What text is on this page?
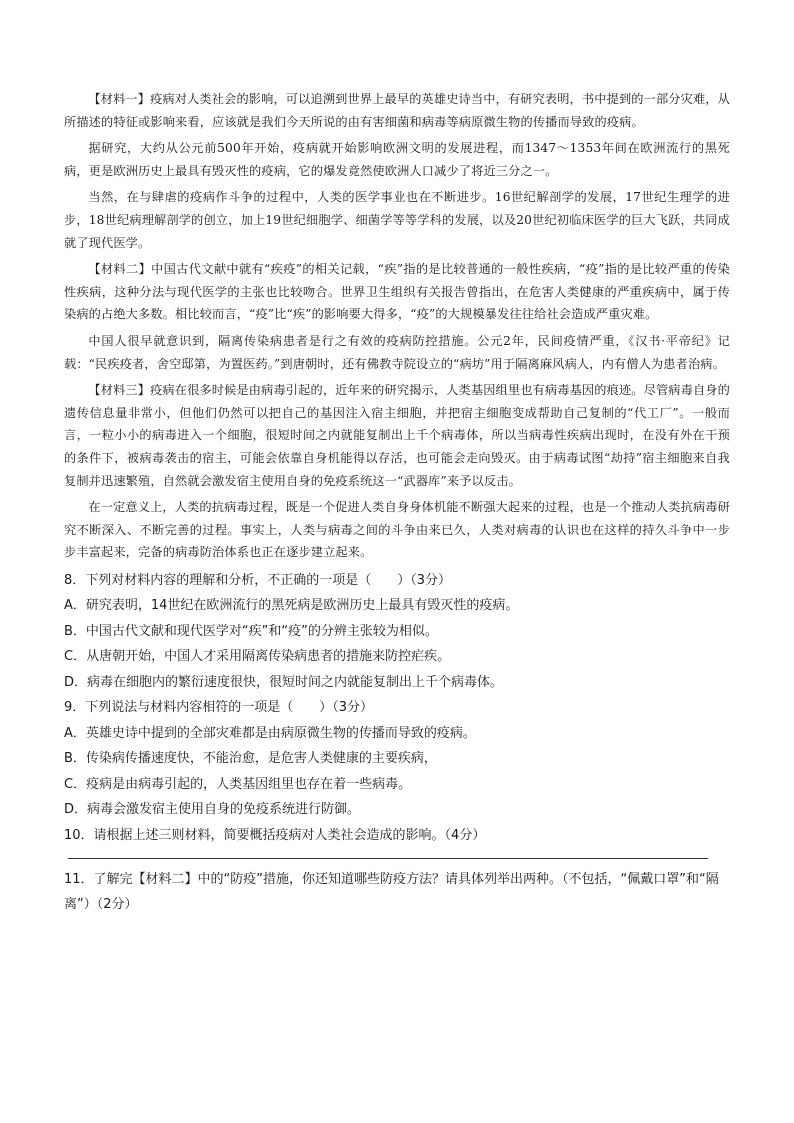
【材料一】疫病对人类社会的影响，可以追溯到世界上最早的英雄史诗当中，有研究表明，书中提到的一部分灾难，从所描述的特征或影响来看，应该就是我们今天所说的由有害细菌和病毒等病原微生物的传播而导致的疫病。

据研究，大约从公元前500年开始，疫病就开始影响欧洲文明的发展进程，而1347～1353年间在欧洲流行的黑死病，更是欧洲历史上最具有毁灭性的疫病，它的爆发竟然使欧洲人口减少了将近三分之一。

当然，在与肆虐的疫病作斗争的过程中，人类的医学事业也在不断进步。16世纪解剖学的发展，17世纪生理学的进步，18世纪病理解剖学的创立，加上19世纪细胞学、细菌学等等学科的发展，以及20世纪初临床医学的巨大飞跃，共同成就了现代医学。

【材料二】中国古代文献中就有“疾疫”的相关记载，“疾”指的是比较普通的一般性疾病，“疫”指的是比较严重的传染性疾病，这种分法与现代医学的主张也比较吻合。世界卫生组织有关报告曾指出，在危害人类健康的严重疾病中，属于传染病的占绝大多数。相比较而言，“疫”比“疾”的影响要大得多，“疫”的大规模暴发往往给社会造成严重灾难。

中国人很早就意识到，隔离传染病患者是行之有效的疫病防控措施。公元2年，民间疫情严重，《汉书·平帝纪》记载：“民疾疫者，舍空邸第，为置医药。”到唐朝时，还有佛教寺院设立的“病坊”用于隔离麻风病人，内有僧人为患者治病。

【材料三】疫病在很多时候是由病毒引起的，近年来的研究揭示，人类基因组里也有病毒基因的痕迹。尽管病毒自身的遗传信息量非常小，但他们仍然可以把自己的基因注入宿主细胞，并把宿主细胞变成帮助自己复制的“代工厂”。一般而言，一粒小小的病毒进入一个细胞，很短时间之内就能复制出上千个病毒体，所以当病毒性疾病出现时，在没有外在干预的条件下，被病毒袭击的宿主，可能会依靠自身机能得以存活，也可能会走向毁灭。由于病毒试图“劫持”宿主细胞来自我复制并迅速繁殖，自然就会激发宿主使用自身的免疫系统这一“武器库”来予以反击。

在一定意义上，人类的抗病毒过程，既是一个促进人类自身身体机能不断强大起来的过程，也是一个推动人类抗病毒研究不断深入、不断完善的过程。事实上，人类与病毒之间的斗争由来已久，人类对病毒的认识也在这样的持久斗争中一步步丰富起来，完备的病毒防治体系也正在逐步建立起来。

8．下列对材料内容的理解和分析，不正确的一项是（　　）（3分）

A．研究表明，14世纪在欧洲流行的黑死病是欧洲历史上最具有毁灭性的疫病。

B．中国古代文献和现代医学对“疾”和“疫”的分辨主张较为相似。

C．从唐朝开始，中国人才采用隔离传染病患者的措施来防控疟疾。

D．病毒在细胞内的繁衍速度很快，很短时间之内就能复制出上千个病毒体。

9．下列说法与材料内容相符的一项是（　　）（3分）

A．英雄史诗中提到的全部灾难都是由病原微生物的传播而导致的疫病。

B．传染病传播速度快，不能治愈，是危害人类健康的主要疾病，

C．疫病是由病毒引起的，人类基因组里也存在着一些病毒。

D．病毒会激发宿主使用自身的免疫系统进行防御。

10．请根据上述三则材料，简要概括疫病对人类社会造成的影响。（4分）

11．了解完【材料二】中的“防疫”措施，你还知道哪些防疫方法？请具体列举出两种。（不包括，“佩戴口罩”和“隔离”）（2分）
